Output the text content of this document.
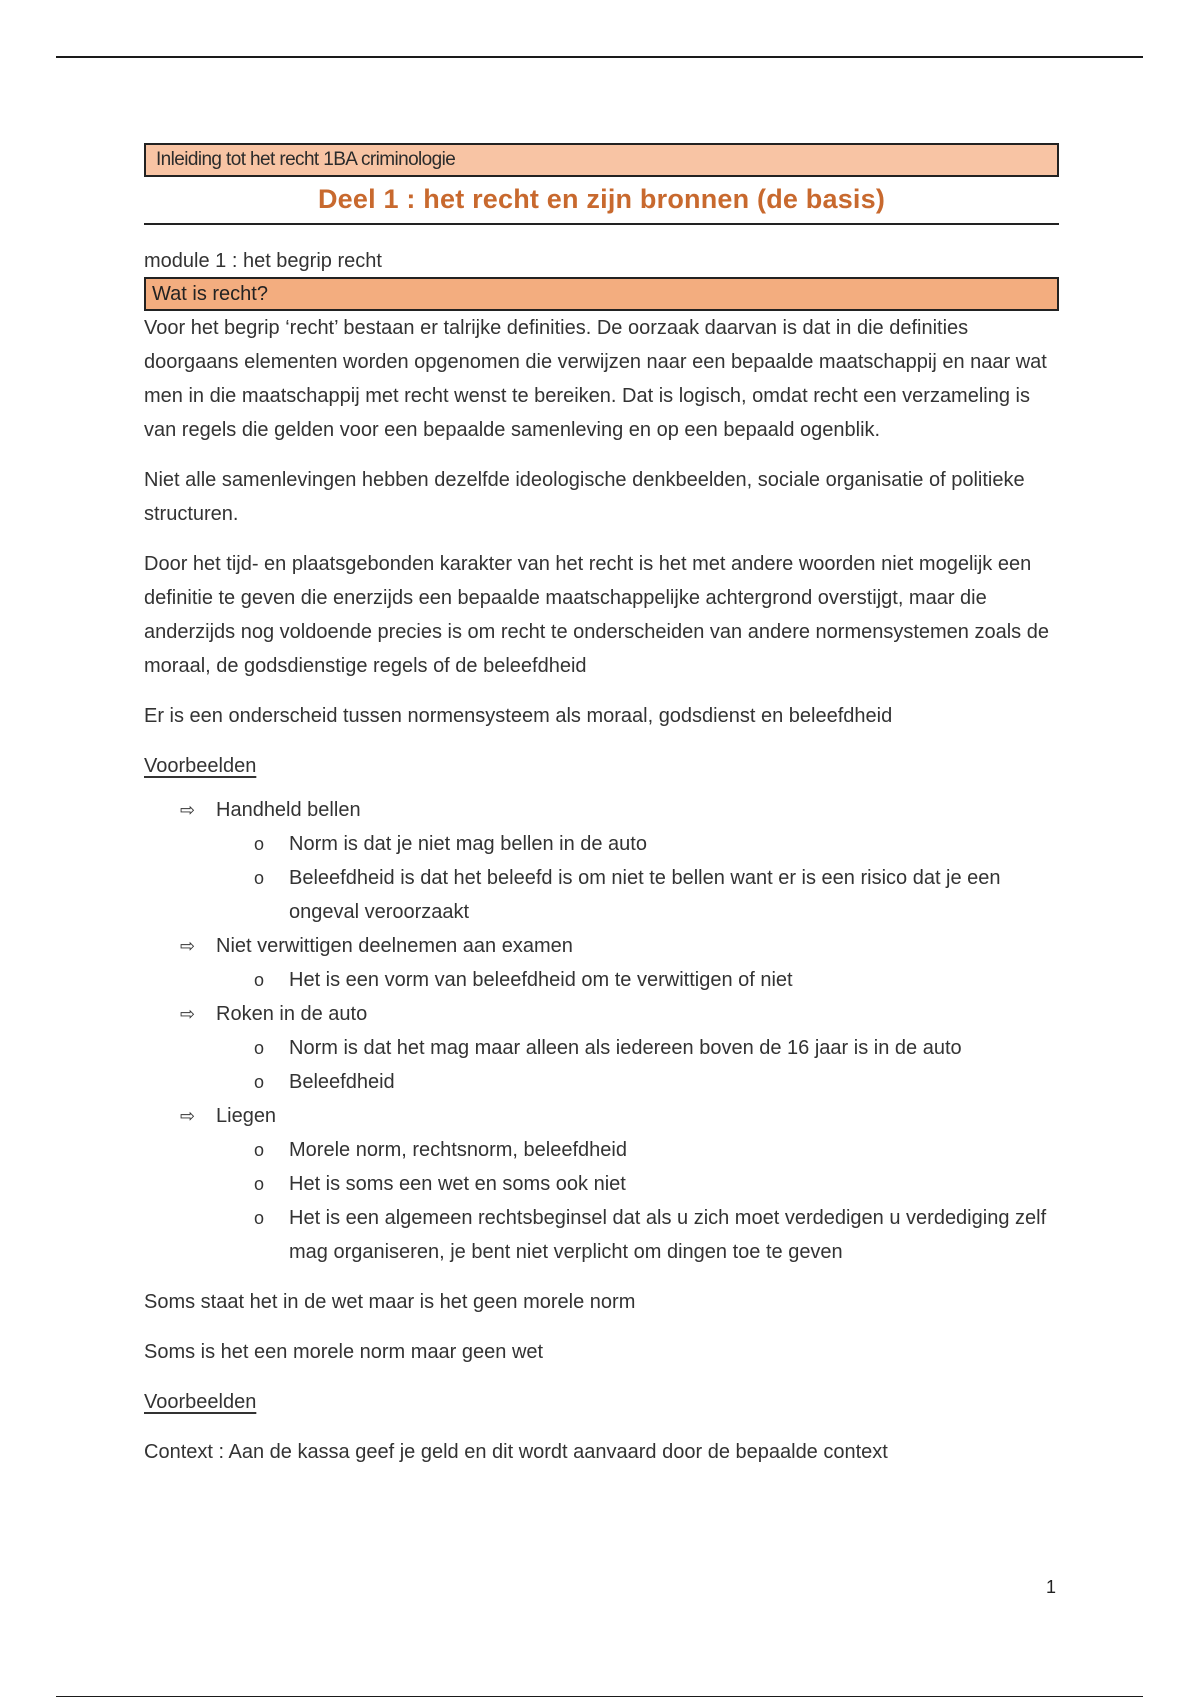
Inleiding tot het recht 1BA criminologie
Deel 1 : het recht en zijn bronnen (de basis)
module 1 : het begrip recht
Wat is recht?

Voor het begrip ‘recht’ bestaan er talrijke definities. De oorzaak daarvan is dat in die definities doorgaans elementen worden opgenomen die verwijzen naar een bepaalde maatschappij en naar wat men in die maatschappij met recht wenst te bereiken. Dat is logisch, omdat recht een verzameling is van regels die gelden voor een bepaalde samenleving en op een bepaald ogenblik.

Niet alle samenlevingen hebben dezelfde ideologische denkbeelden, sociale organisatie of politieke structuren.

Door het tijd- en plaatsgebonden karakter van het recht is het met andere woorden niet mogelijk een definitie te geven die enerzijds een bepaalde maatschappelijke achtergrond overstijgt, maar die anderzijds nog voldoende precies is om recht te onderscheiden van andere normensystemen zoals de moraal, de godsdienstige regels of de beleefdheid

Er is een onderscheid tussen normensysteem als moraal, godsdienst en beleefdheid

Voorbeelden
⇨ Handheld bellen
o Norm is dat je niet mag bellen in de auto
o Beleefdheid is dat het beleefd is om niet te bellen want er is een risico dat je een ongeval veroorzaakt
⇨ Niet verwittigen deelnemen aan examen
o Het is een vorm van beleefdheid om te verwittigen of niet
⇨ Roken in de auto
o Norm is dat het mag maar alleen als iedereen boven de 16 jaar is in de auto
o Beleefdheid
⇨ Liegen
o Morele norm, rechtsnorm, beleefdheid
o Het is soms een wet en soms ook niet
o Het is een algemeen rechtsbeginsel dat als u zich moet verdedigen u verdediging zelf mag organiseren, je bent niet verplicht om dingen toe te geven

Soms staat het in de wet maar is het geen morele norm

Soms is het een morele norm maar geen wet

Voorbeelden

Context : Aan de kassa geef je geld en dit wordt aanvaard door de bepaalde context

1
